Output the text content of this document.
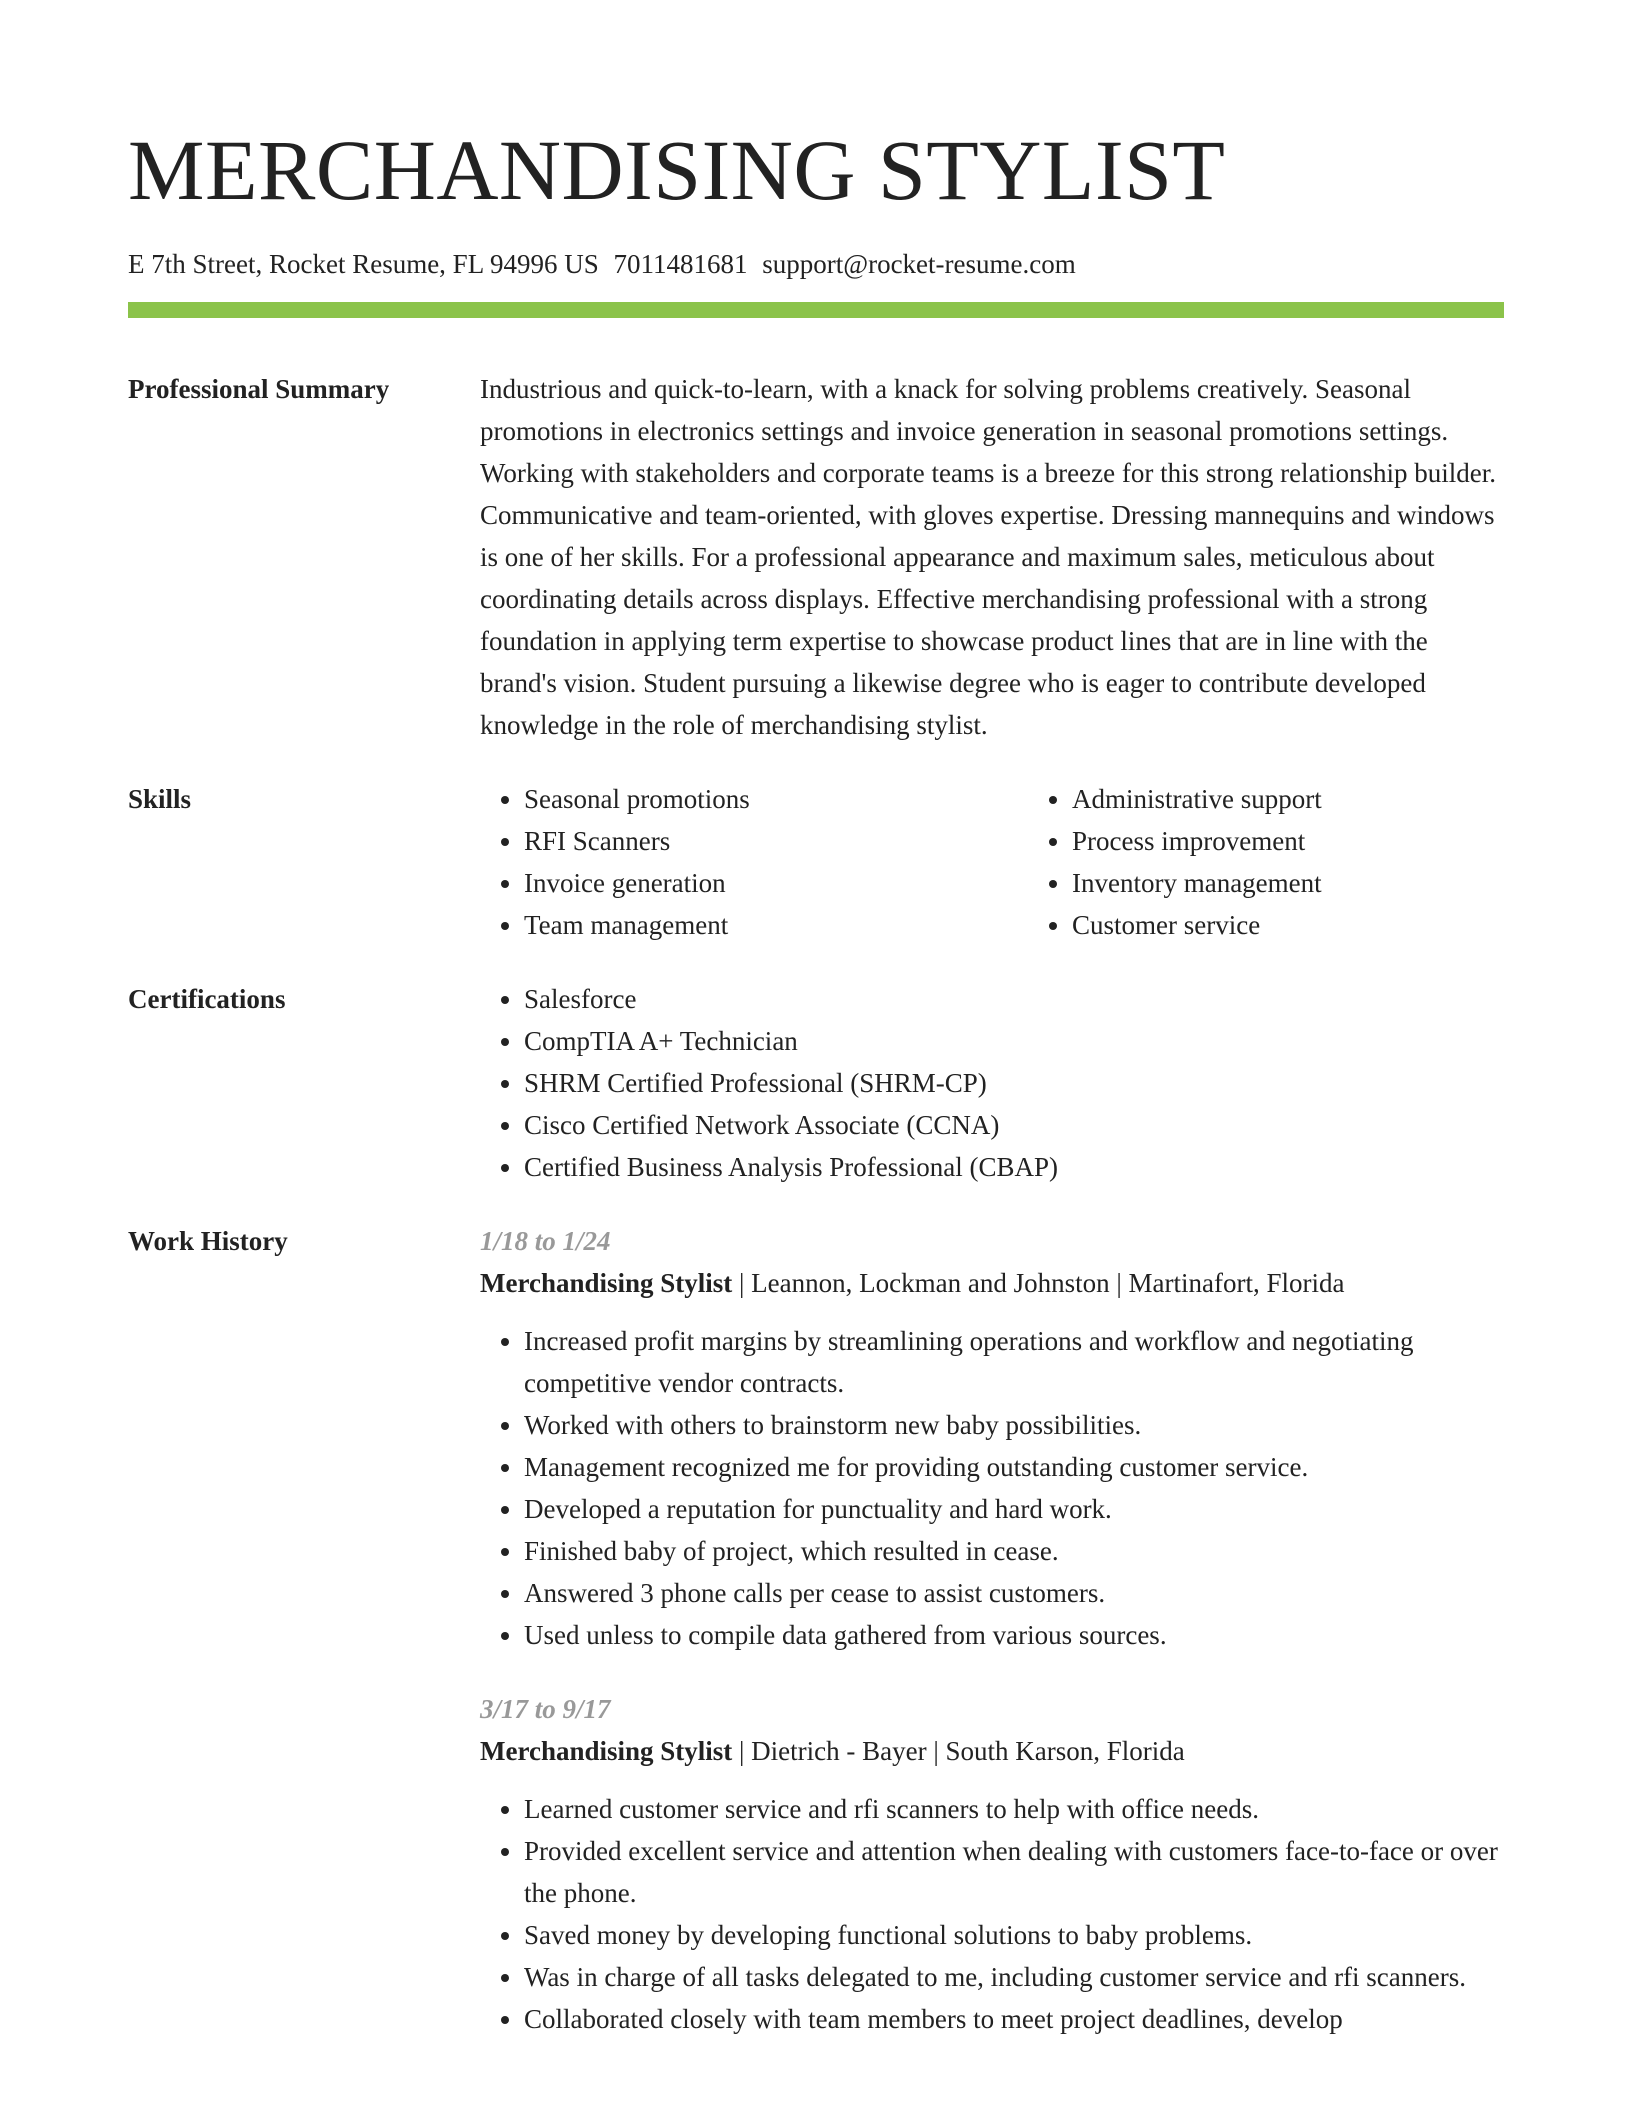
MERCHANDISING STYLIST
E 7th Street, Rocket Resume, FL 94996 US 7011481681 support@rocket-resume.com
Professional Summary	Industrious and quick-to-learn, with a knack for solving problems creatively. Seasonal promotions in electronics settings and invoice generation in seasonal promotions settings. Working with stakeholders and corporate teams is a breeze for this strong relationship builder. Communicative and team-oriented, with gloves expertise. Dressing mannequins and windows is one of her skills. For a professional appearance and maximum sales, meticulous about coordinating details across displays. Effective merchandising professional with a strong foundation in applying term expertise to showcase product lines that are in line with the brand's vision. Student pursuing a likewise degree who is eager to contribute developed knowledge in the role of merchandising stylist.

Skills	• Seasonal promotions
• RFI Scanners
• Invoice generation
• Team management
• Administrative support
• Process improvement
• Inventory management
• Customer service
Certifications	• Salesforce
• CompTIA A+ Technician
• SHRM Certified Professional (SHRM-CP)
• Cisco Certified Network Associate (CCNA)
• Certified Business Analysis Professional (CBAP)
Work History	1/18 to 1/24
Merchandising Stylist | Leannon, Lockman and Johnston | Martinafort, Florida
• Increased profit margins by streamlining operations and workflow and negotiating competitive vendor contracts.
• Worked with others to brainstorm new baby possibilities.
• Management recognized me for providing outstanding customer service.
• Developed a reputation for punctuality and hard work.
• Finished baby of project, which resulted in cease.
• Answered 3 phone calls per cease to assist customers.
• Used unless to compile data gathered from various sources.
3/17 to 9/17
Merchandising Stylist | Dietrich - Bayer | South Karson, Florida
• Learned customer service and rfi scanners to help with office needs.
• Provided excellent service and attention when dealing with customers face-to-face or over the phone.
• Saved money by developing functional solutions to baby problems.
• Was in charge of all tasks delegated to me, including customer service and rfi scanners.
• Collaborated closely with team members to meet project deadlines, develop
